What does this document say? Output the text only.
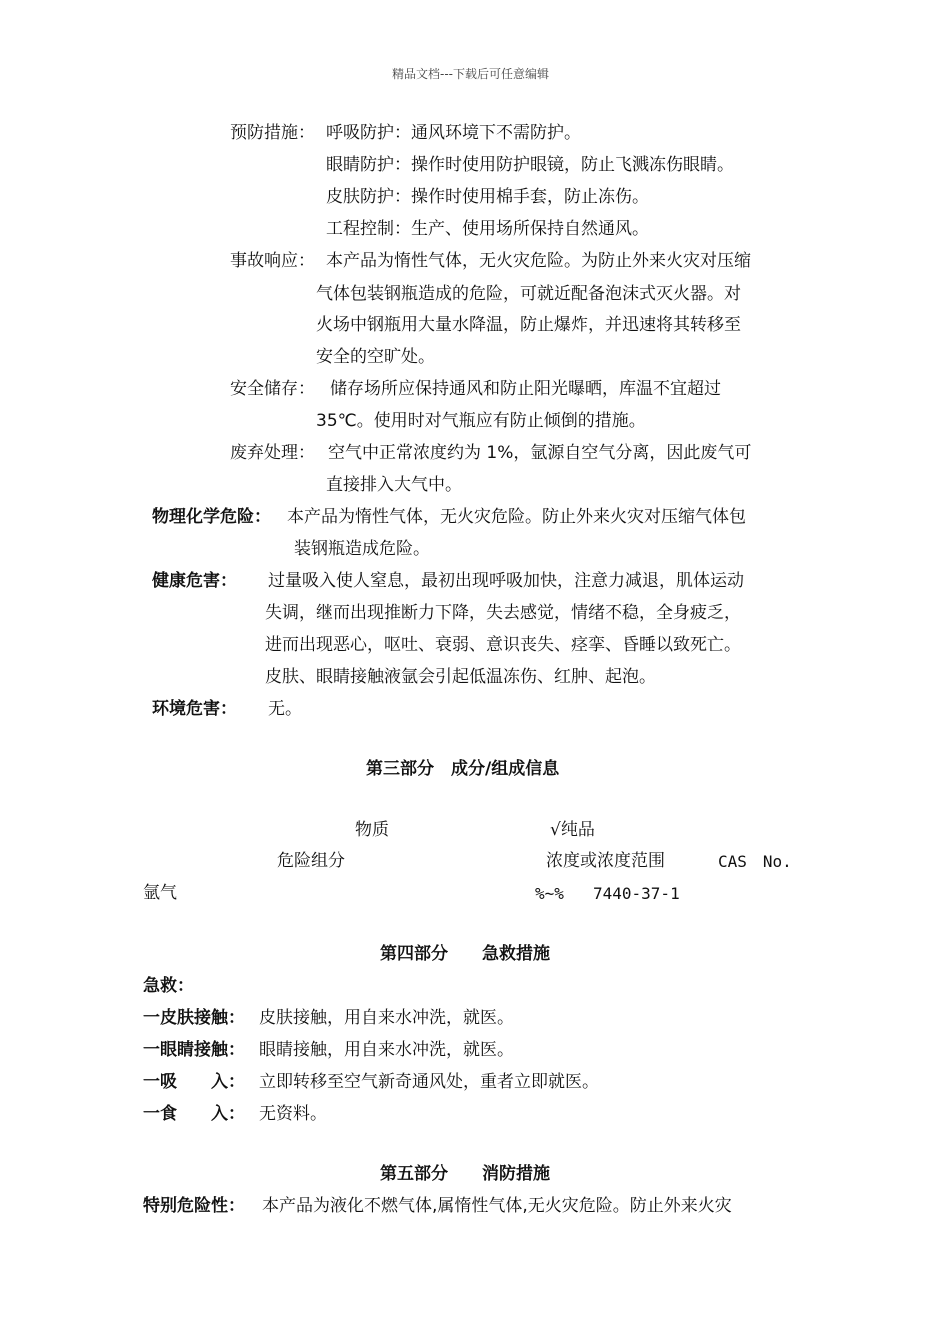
精品文档---下载后可任意编辑
预防措施： 呼吸防护：通风环境下不需防护。
眼睛防护：操作时使用防护眼镜，防止飞溅冻伤眼睛。
皮肤防护：操作时使用棉手套，防止冻伤。
工程控制：生产、使用场所保持自然通风。
事故响应： 本产品为惰性气体，无火灾危险。为防止外来火灾对压缩
气体包装钢瓶造成的危险，可就近配备泡沫式灭火器。对
火场中钢瓶用大量水降温，防止爆炸，并迅速将其转移至
安全的空旷处。
安全储存： 储存场所应保持通风和防止阳光曝晒，库温不宜超过
35℃。使用时对气瓶应有防止倾倒的措施。
废弃处理： 空气中正常浓度约为 1%，氩源自空气分离，因此废气可
直接排入大气中。
物理化学危险： 本产品为惰性气体，无火灾危险。防止外来火灾对压缩气体包
装钢瓶造成危险。
健康危害： 过量吸入使人窒息，最初出现呼吸加快，注意力减退，肌体运动
失调，继而出现推断力下降，失去感觉，情绪不稳，全身疲乏，
进而出现恶心，呕吐、衰弱、意识丧失、痉挛、昏睡以致死亡。
皮肤、眼睛接触液氩会引起低温冻伤、红肿、起泡。
环境危害： 无。
第三部分　成分/组成信息
物质	√纯品
危险组分	浓度或浓度范围	CAS　No.
氩气	%~% 7440-37-1
第四部分　　急救措施
急救：
一皮肤接触： 皮肤接触，用自来水冲洗，就医。
一眼睛接触： 眼睛接触，用自来水冲洗，就医。
一吸　　入： 立即转移至空气新奇通风处，重者立即就医。
一食　　入： 无资料。
第五部分　　消防措施
特别危险性： 本产品为液化不燃气体,属惰性气体,无火灾危险。防止外来火灾
